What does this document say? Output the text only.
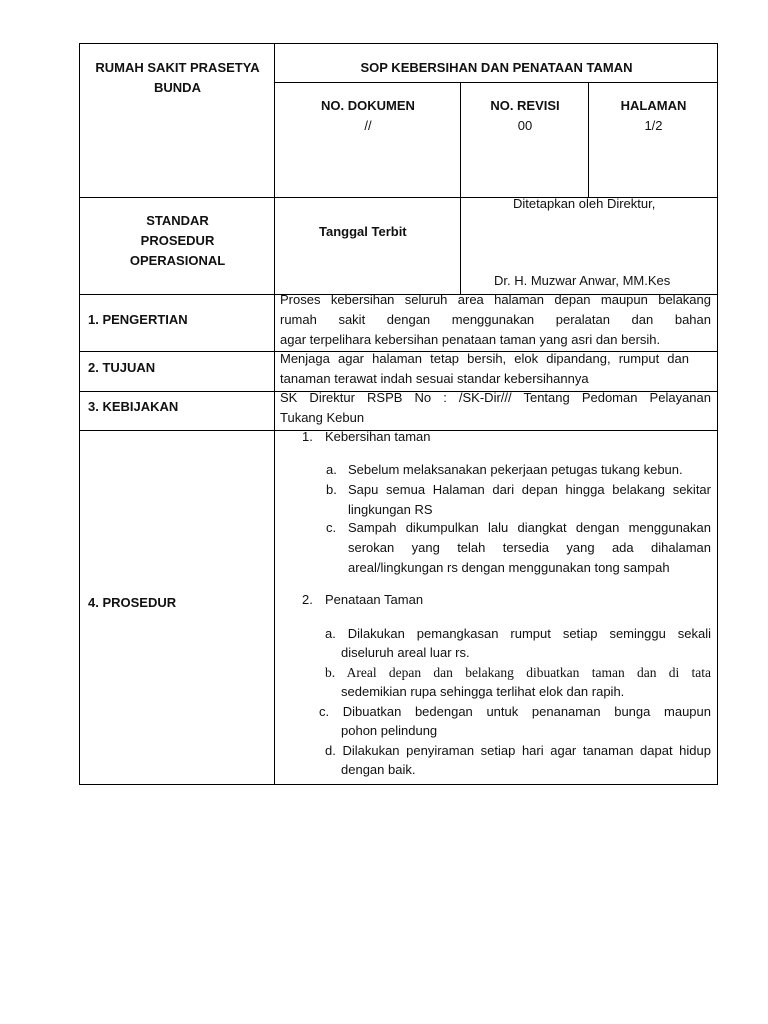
RUMAH SAKIT PRASETYA
BUNDA
SOP KEBERSIHAN DAN PENATAAN TAMAN
NO. DOKUMEN
//
NO. REVISI
00
HALAMAN
1/2
STANDAR
PROSEDUR
OPERASIONAL
Tanggal Terbit
Ditetapkan oleh Direktur,
Dr. H. Muzwar Anwar, MM.Kes
1. PENGERTIAN
Proses kebersihan seluruh area halaman depan maupun belakang
rumah sakit dengan menggunakan peralatan dan bahan
agar terpelihara kebersihan penataan taman yang asri dan bersih.
2. TUJUAN
Menjaga agar halaman tetap bersih, elok dipandang, rumput dan
tanaman terawat indah sesuai standar kebersihannya
3. KEBIJAKAN
SK Direktur RSPB No : /SK-Dir/// Tentang Pedoman Pelayanan
Tukang Kebun
4. PROSEDUR
1. Kebersihan taman
a. Sebelum melaksanakan pekerjaan petugas tukang kebun.
b. Sapu semua Halaman dari depan hingga belakang sekitar
lingkungan RS
c. Sampah dikumpulkan lalu diangkat dengan menggunakan
serokan yang telah tersedia yang ada dihalaman
areal/lingkungan rs dengan menggunakan tong sampah
2. Penataan Taman
a. Dilakukan pemangkasan rumput setiap seminggu sekali
diseluruh areal luar rs.
b. Areal depan dan belakang dibuatkan taman dan di tata
sedemikian rupa sehingga terlihat elok dan rapih.
c. Dibuatkan bedengan untuk penanaman bunga maupun
pohon pelindung
d. Dilakukan penyiraman setiap hari agar tanaman dapat hidup
dengan baik.
